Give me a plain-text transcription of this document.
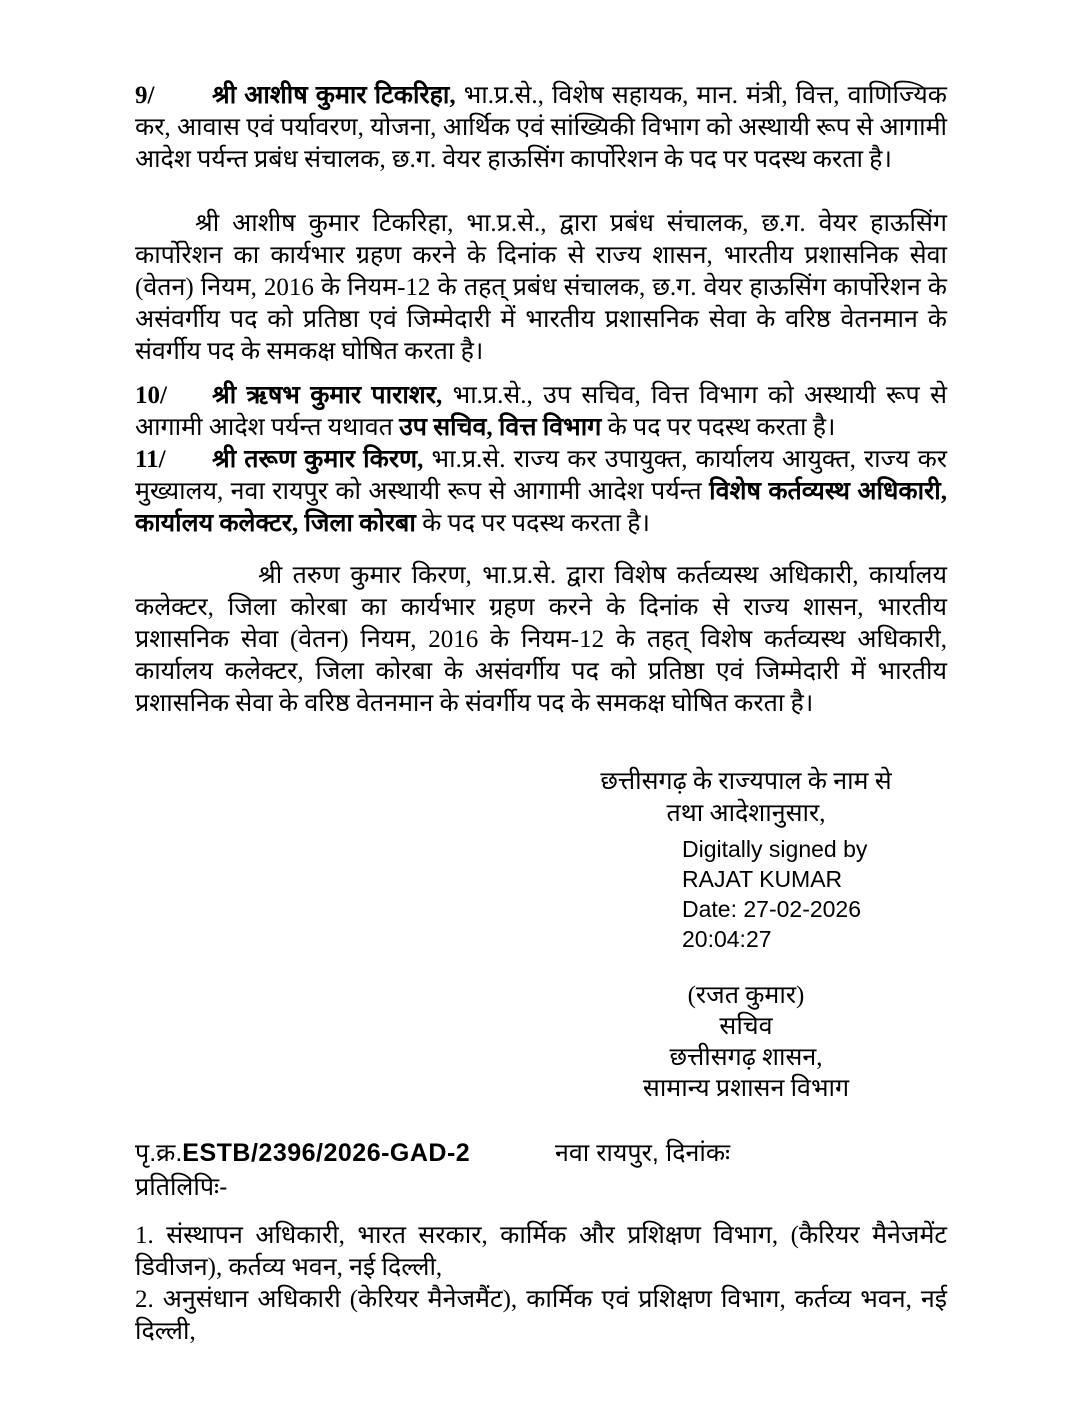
9/ श्री आशीष कुमार टिकरिहा, भा.प्र.से., विशेष सहायक, मान. मंत्री, वित्त, वाणिज्यिक कर, आवास एवं पर्यावरण, योजना, आर्थिक एवं सांख्यिकी विभाग को अस्थायी रूप से आगामी आदेश पर्यन्त प्रबंध संचालक, छ.ग. वेयर हाऊसिंग कार्पोरेशन के पद पर पदस्थ करता है।

श्री आशीष कुमार टिकरिहा, भा.प्र.से., द्वारा प्रबंध संचालक, छ.ग. वेयर हाऊसिंग कार्पोरेशन का कार्यभार ग्रहण करने के दिनांक से राज्य शासन, भारतीय प्रशासनिक सेवा (वेतन) नियम, 2016 के नियम-12 के तहत् प्रबंध संचालक, छ.ग. वेयर हाऊसिंग कार्पोरेशन के असंवर्गीय पद को प्रतिष्ठा एवं जिम्मेदारी में भारतीय प्रशासनिक सेवा के वरिष्ठ वेतनमान के संवर्गीय पद के समकक्ष घोषित करता है।

10/ श्री ऋषभ कुमार पाराशर, भा.प्र.से., उप सचिव, वित्त विभाग को अस्थायी रूप से आगामी आदेश पर्यन्त यथावत उप सचिव, वित्त विभाग के पद पर पदस्थ करता है।

11/ श्री तरूण कुमार किरण, भा.प्र.से. राज्य कर उपायुक्त, कार्यालय आयुक्त, राज्य कर मुख्यालय, नवा रायपुर को अस्थायी रूप से आगामी आदेश पर्यन्त विशेष कर्तव्यस्थ अधिकारी, कार्यालय कलेक्टर, जिला कोरबा के पद पर पदस्थ करता है।

श्री तरुण कुमार किरण, भा.प्र.से. द्वारा विशेष कर्तव्यस्थ अधिकारी, कार्यालय कलेक्टर, जिला कोरबा का कार्यभार ग्रहण करने के दिनांक से राज्य शासन, भारतीय प्रशासनिक सेवा (वेतन) नियम, 2016 के नियम-12 के तहत् विशेष कर्तव्यस्थ अधिकारी, कार्यालय कलेक्टर, जिला कोरबा के असंवर्गीय पद को प्रतिष्ठा एवं जिम्मेदारी में भारतीय प्रशासनिक सेवा के वरिष्ठ वेतनमान के संवर्गीय पद के समकक्ष घोषित करता है।

छत्तीसगढ़ के राज्यपाल के नाम से
तथा आदेशानुसार,
Digitally signed by
RAJAT KUMAR
Date: 27-02-2026
20:04:27
(रजत कुमार)
सचिव
छत्तीसगढ़ शासन,
सामान्य प्रशासन विभाग
पृ.क्र.ESTB/2396/2026-GAD-2	नवा रायपुर, दिनांकः
प्रतिलिपिः-

1. संस्थापन अधिकारी, भारत सरकार, कार्मिक और प्रशिक्षण विभाग, (कैरियर मैनेजमेंट डिवीजन), कर्तव्य भवन, नई दिल्ली,

2. अनुसंधान अधिकारी (केरियर मैनेजमैंट), कार्मिक एवं प्रशिक्षण विभाग, कर्तव्य भवन, नई दिल्ली,
